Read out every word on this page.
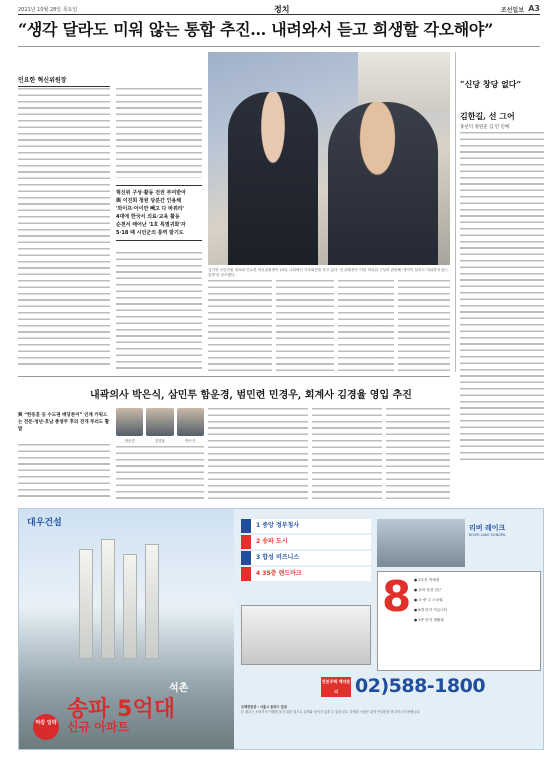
2021년 10월 28일 목요일	정치	조선일보 A3
“생각 달라도 미워 않는 통합 추진… 내려와서 듣고 희생할 각오해야”
인요한 혁신위원장
혁신위 구성·활동 전권 부여받아
與 이진희 청원 당분간 인용해
'와이프·아이만 빼고 다 바꿔라'
4대에 한국서 의료·교육 활동
순천서 태어난 '1호 특별귀화'자
5·18 때 시민군의 통역 맡기도
김기현 국민의힘 대표와 인요한 혁신위원장이 23일 국회에서 기자회견을 하고 있다. 인 위원장은 이날 혁신위 구성과 관련해 '생각이 달라도 미워하지 않는 통합'을 강조했다.
“신당 창당 없다”
김한길, 선 그어
홍선익 정원준 김 민 인배
내곽의사 박은식, 삼민투 함운경, 범민련 민경우, 회계사 김경율 영입 추진
與 “한동훈 등 수도권 배당론이” 인재 키워드는 전문·청년·호남 총영주 후의 전개 푸리도 활발
함운경	김경율	박은식
대우건설
석촌
마감 임박
송파 5억대
신규 아파트
1 중앙 정부청사
2 송파 도시
3 합성 비즈니스
4 35층 랜드마크
리버 레이크
RIVER LAKE SONGPA
8 ● 5호선 역세권
● 송파 한강 인근
● 초·중·고 도보권
● 8개 단지 커뮤니티
● 3종 단지 생활권
견본주택 예약문의 02)588-1800
주택견본관 : 서울시 송파구 일대
본 광고는 소비자의 이해를 돕기 위한 것으로 실제와 차이가 있을 수 있습니다. 자세한 사항은 분양 안내문을 참고하시기 바랍니다.
